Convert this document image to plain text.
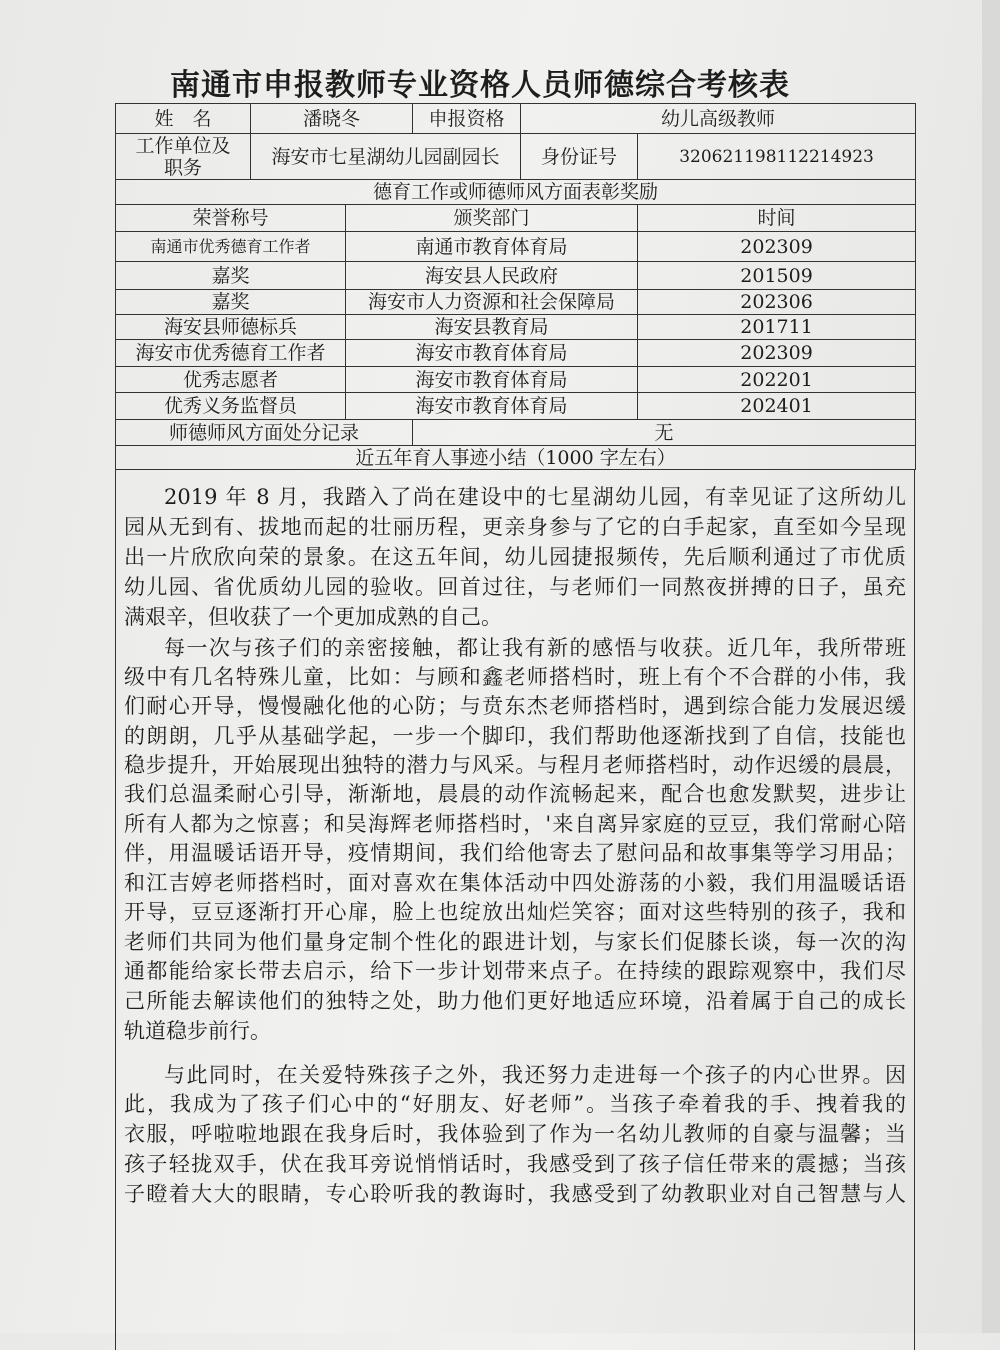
南通市申报教师专业资格人员师德综合考核表
姓　名	潘晓冬		申报资格	幼儿高级教师	
工作单位及职务	海安市七星湖幼儿园副园长			身份证号	320621198112214923
德育工作或师德师风方面表彰奖励					
荣誉称号		颁奖部门			时间
南通市优秀德育工作者		南通市教育体育局			202309
嘉奖		海安县人民政府			201509
嘉奖		海安市人力资源和社会保障局			202306
海安县师德标兵		海安县教育局			201711
海安市优秀德育工作者		海安市教育体育局			202309
优秀志愿者		海安市教育体育局			202201
优秀义务监督员		海安市教育体育局			202401
师德师风方面处分记录			无		
近五年育人事迹小结（1000 字左右）					
2019 年 8 月，我踏入了尚在建设中的七星湖幼儿园，有幸见证了这所幼儿
园从无到有、拔地而起的壮丽历程，更亲身参与了它的白手起家，直至如今呈现
出一片欣欣向荣的景象。在这五年间，幼儿园捷报频传，先后顺利通过了市优质
幼儿园、省优质幼儿园的验收。回首过往，与老师们一同熬夜拼搏的日子，虽充
满艰辛，但收获了一个更加成熟的自己。
每一次与孩子们的亲密接触，都让我有新的感悟与收获。近几年，我所带班
级中有几名特殊儿童，比如：与顾和鑫老师搭档时，班上有个不合群的小伟，我
们耐心开导，慢慢融化他的心防；与贲东杰老师搭档时，遇到综合能力发展迟缓
的朗朗，几乎从基础学起，一步一个脚印，我们帮助他逐渐找到了自信，技能也
稳步提升，开始展现出独特的潜力与风采。与程月老师搭档时，动作迟缓的晨晨，
我们总温柔耐心引导，渐渐地，晨晨的动作流畅起来，配合也愈发默契，进步让
所有人都为之惊喜；和吴海辉老师搭档时，'来自离异家庭的豆豆，我们常耐心陪
伴，用温暖话语开导，疫情期间，我们给他寄去了慰问品和故事集等学习用品；
和江吉婷老师搭档时，面对喜欢在集体活动中四处游荡的小毅，我们用温暖话语
开导，豆豆逐渐打开心扉，脸上也绽放出灿烂笑容；面对这些特别的孩子，我和
老师们共同为他们量身定制个性化的跟进计划，与家长们促膝长谈，每一次的沟
通都能给家长带去启示，给下一步计划带来点子。在持续的跟踪观察中，我们尽
己所能去解读他们的独特之处，助力他们更好地适应环境，沿着属于自己的成长
轨道稳步前行。
与此同时，在关爱特殊孩子之外，我还努力走进每一个孩子的内心世界。因
此，我成为了孩子们心中的“好朋友、好老师”。当孩子牵着我的手、拽着我的
衣服，呼啦啦地跟在我身后时，我体验到了作为一名幼儿教师的自豪与温馨；当
孩子轻拢双手，伏在我耳旁说悄悄话时，我感受到了孩子信任带来的震撼；当孩
子瞪着大大的眼睛，专心聆听我的教诲时，我感受到了幼教职业对自己智慧与人
